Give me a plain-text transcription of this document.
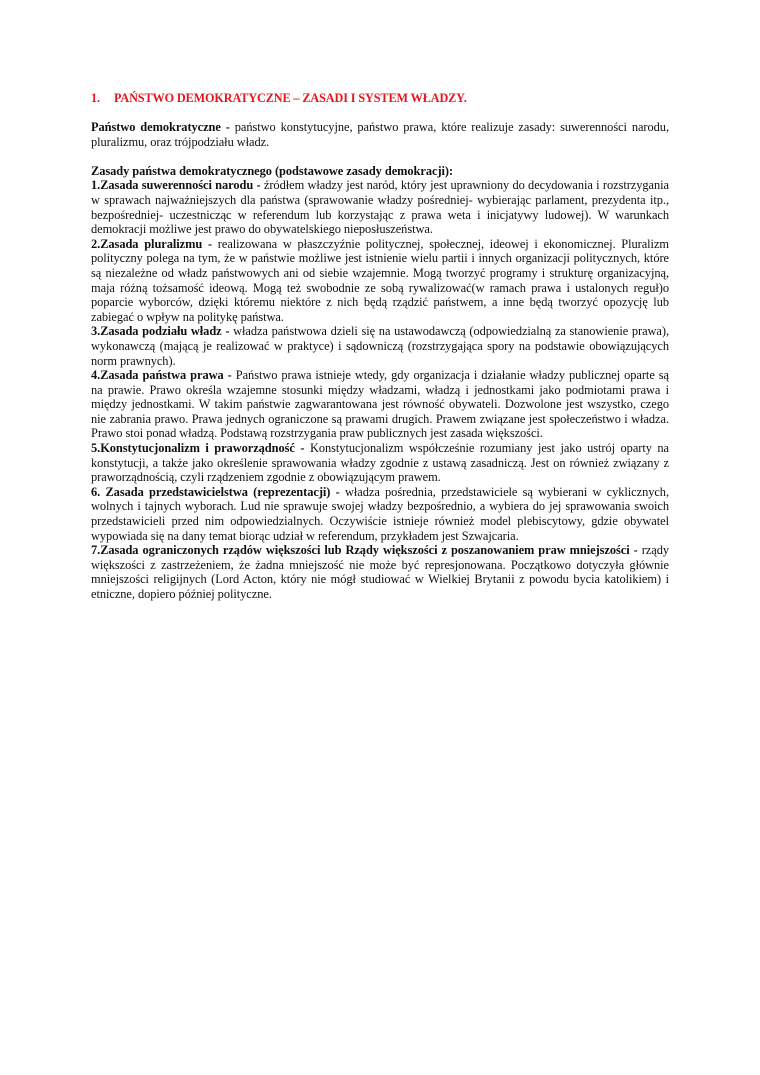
1. PAŃSTWO DEMOKRATYCZNE – ZASADI I SYSTEM WŁADZY.

Państwo demokratyczne - państwo konstytucyjne, państwo prawa, które realizuje zasady: suwerenności narodu, pluralizmu, oraz trójpodziału władz.

Zasady państwa demokratycznego (podstawowe zasady demokracji):

1.Zasada suwerenności narodu - źródłem władzy jest naród, który jest uprawniony do decydowania i rozstrzygania w sprawach najważniejszych dla państwa (sprawowanie władzy pośredniej- wybierając parlament, prezydenta itp., bezpośredniej- uczestnicząc w referendum lub korzystając z prawa weta i inicjatywy ludowej). W warunkach demokracji możliwe jest prawo do obywatelskiego nieposłuszeństwa.

2.Zasada pluralizmu - realizowana w płaszczyźnie politycznej, społecznej, ideowej i ekonomicznej. Pluralizm polityczny polega na tym, że w państwie możliwe jest istnienie wielu partii i innych organizacji politycznych, które są niezależne od władz państwowych ani od siebie wzajemnie. Mogą tworzyć programy i strukturę organizacyjną, maja różną tożsamość ideową. Mogą też swobodnie ze sobą rywalizować(w ramach prawa i ustalonych reguł)o poparcie wyborców, dzięki któremu niektóre z nich będą rządzić państwem, a inne będą tworzyć opozycję lub zabiegać o wpływ na politykę państwa.

3.Zasada podziału władz - władza państwowa dzieli się na ustawodawczą (odpowiedzialną za stanowienie prawa), wykonawczą (mającą je realizować w praktyce) i sądowniczą (rozstrzygająca spory na podstawie obowiązujących norm prawnych).

4.Zasada państwa prawa - Państwo prawa istnieje wtedy, gdy organizacja i działanie władzy publicznej oparte są na prawie. Prawo określa wzajemne stosunki między władzami, władzą i jednostkami jako podmiotami prawa i między jednostkami. W takim państwie zagwarantowana jest równość obywateli. Dozwolone jest wszystko, czego nie zabrania prawo. Prawa jednych ograniczone są prawami drugich. Prawem związane jest społeczeństwo i władza. Prawo stoi ponad władzą. Podstawą rozstrzygania praw publicznych jest zasada większości.

5.Konstytucjonalizm i praworządność - Konstytucjonalizm współcześnie rozumiany jest jako ustrój oparty na konstytucji, a także jako określenie sprawowania władzy zgodnie z ustawą zasadniczą. Jest on również związany z praworządnością, czyli rządzeniem zgodnie z obowiązującym prawem.

6. Zasada przedstawicielstwa (reprezentacji) - władza pośrednia, przedstawiciele są wybierani w cyklicznych, wolnych i tajnych wyborach. Lud nie sprawuje swojej władzy bezpośrednio, a wybiera do jej sprawowania swoich przedstawicieli przed nim odpowiedzialnych. Oczywiście istnieje również model plebiscytowy, gdzie obywatel wypowiada się na dany temat biorąc udział w referendum, przykładem jest Szwajcaria.

7.Zasada ograniczonych rządów większości lub Rządy większości z poszanowaniem praw mniejszości - rządy większości z zastrzeżeniem, że żadna mniejszość nie może być represjonowana. Początkowo dotyczyła głównie mniejszości religijnych (Lord Acton, który nie mógł studiować w Wielkiej Brytanii z powodu bycia katolikiem) i etniczne, dopiero później polityczne.
